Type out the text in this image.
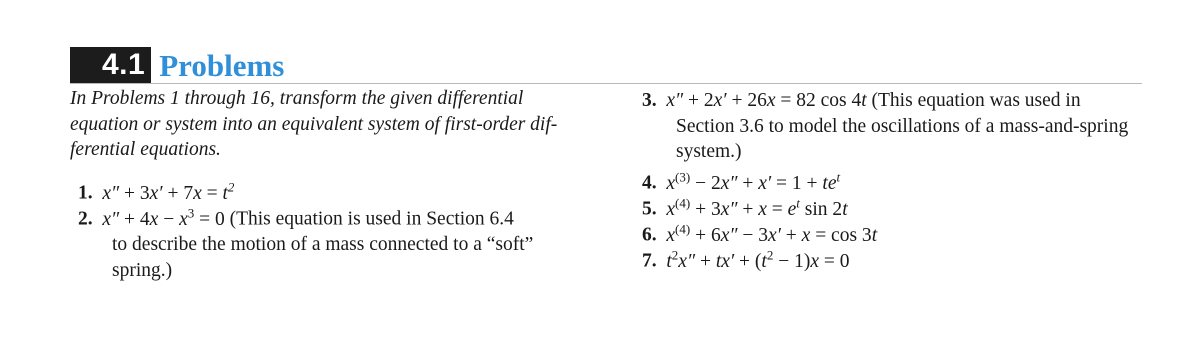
4.1 Problems

In Problems 1 through 16, transform the given differential
equation or system into an equivalent system of first-order dif-
ferential equations.

1.  $x'' + 3x' + 7x = t^2$
2.  $x'' + 4x - x^3 = 0$ (This equation is used in Section 6.4
to describe the motion of a mass connected to a “soft”
spring.)
3.  x″ + 2x′ + 26x = 82 cos 4t (This equation was used in
Section 3.6 to model the oscillations of a mass-and-spring
system.)
4.  $x^{(3)} - 2x'' + x' = 1 + te^t$
5.  $x^{(4)} + 3x'' + x = e^t$ sin 2t
6.  $x^{(4)} + 6x'' - 3x' + x = \cos 3t$
7.  $t^2x'' + tx' + (t^2 - 1)x = 0$
